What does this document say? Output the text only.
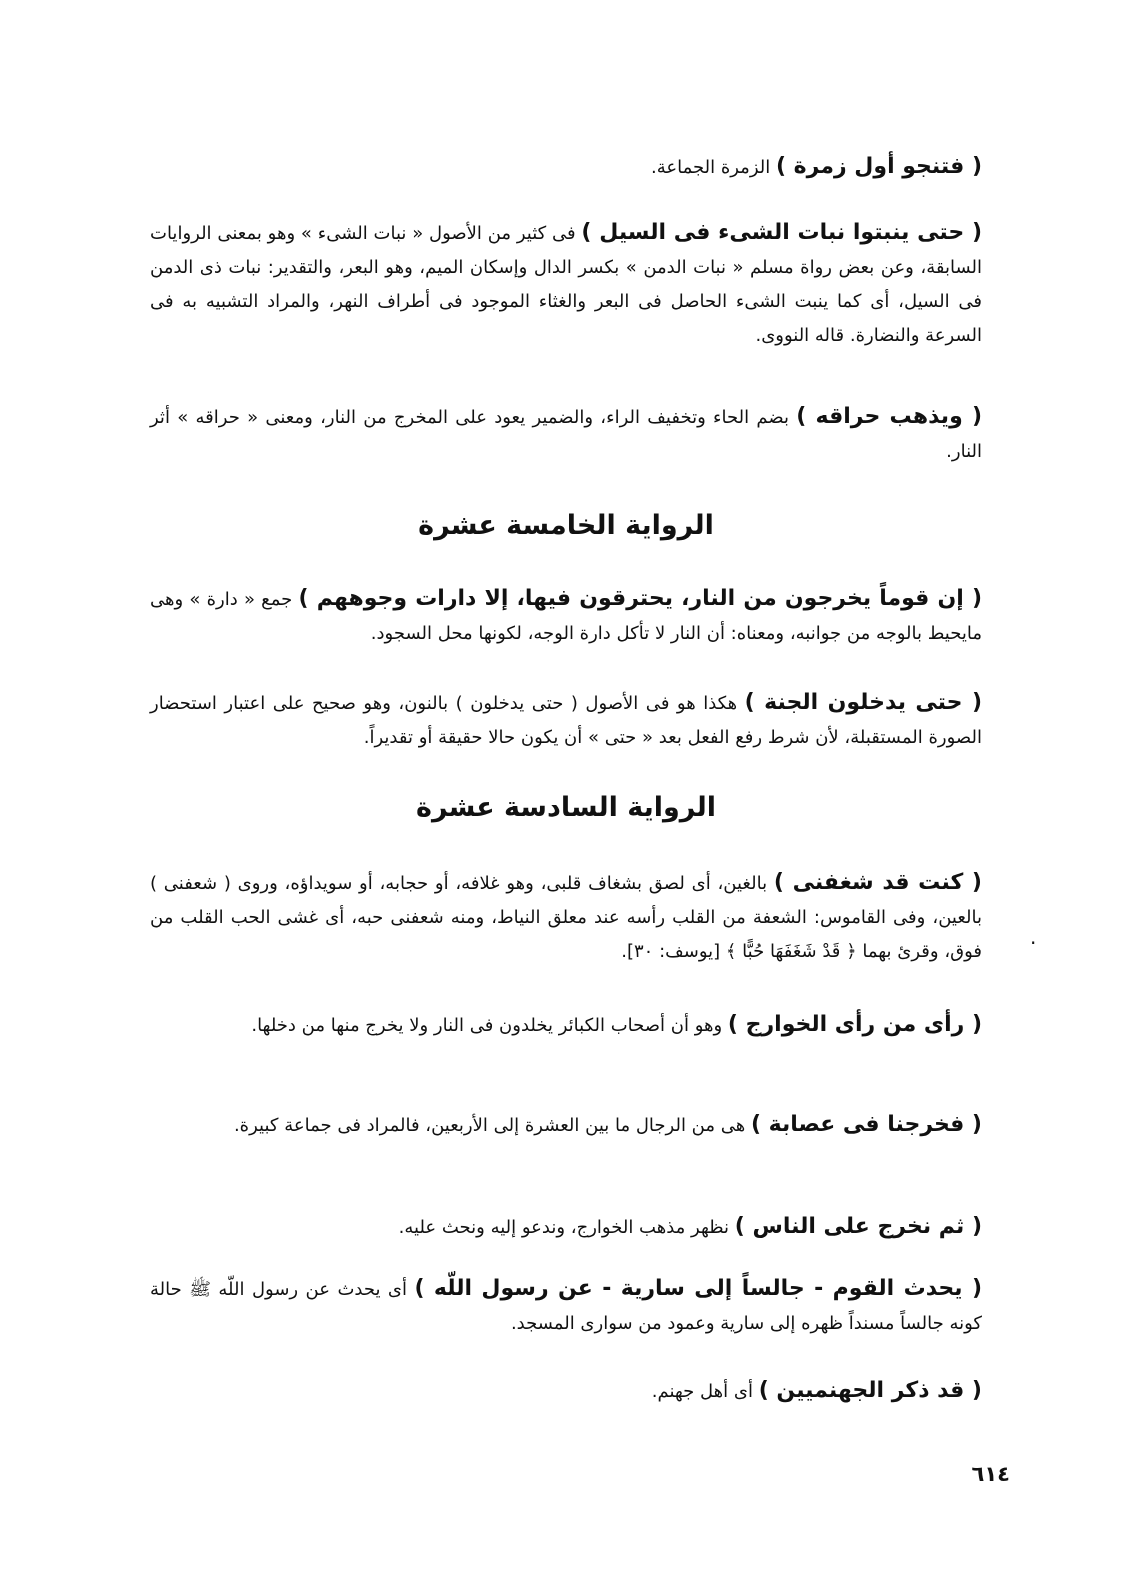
( فتنجو أول زمرة ) الزمرة الجماعة.
( حتى ينبتوا نبات الشىء فى السيل ) فى كثير من الأصول « نبات الشىء » وهو بمعنى الروايات السابقة، وعن بعض رواة مسلم « نبات الدمن » بكسر الدال وإسكان الميم، وهو البعر، والتقدير: نبات ذى الدمن فى السيل، أى كما ينبت الشىء الحاصل فى البعر والغثاء الموجود فى أطراف النهر، والمراد التشبيه به فى السرعة والنضارة. قاله النووى.
( ويذهب حراقه ) بضم الحاء وتخفيف الراء، والضمير يعود على المخرج من النار، ومعنى « حراقه » أثر النار.
الرواية الخامسة عشرة
( إن قوماً يخرجون من النار، يحترقون فيها، إلا دارات وجوههم ) جمع « دارة » وهى مايحيط بالوجه من جوانبه، ومعناه: أن النار لا تأكل دارة الوجه، لكونها محل السجود.
( حتى يدخلون الجنة ) هكذا هو فى الأصول ( حتى يدخلون ) بالنون، وهو صحيح على اعتبار استحضار الصورة المستقبلة، لأن شرط رفع الفعل بعد « حتى » أن يكون حالا حقيقة أو تقديراً.
الرواية السادسة عشرة
( كنت قد شغفنى ) بالغين، أى لصق بشغاف قلبى، وهو غلافه، أو حجابه، أو سويداؤه، وروى ( شعفنى ) بالعين، وفى القاموس: الشعفة من القلب رأسه عند معلق النياط، ومنه شعفنى حبه، أى غشى الحب القلب من فوق، وقرئ بهما ﴿ قَدْ شَغَفَهَا حُبًّا ﴾ [يوسف: ٣٠].
.
( رأى من رأى الخوارج ) وهو أن أصحاب الكبائر يخلدون فى النار ولا يخرج منها من دخلها.
( فخرجنا فى عصابة ) هى من الرجال ما بين العشرة إلى الأربعين، فالمراد فى جماعة كبيرة.
( ثم نخرج على الناس ) نظهر مذهب الخوارج، وندعو إليه ونحث عليه.
( يحدث القوم - جالساً إلى سارية - عن رسول اللّه ) أى يحدث عن رسول اللّه ﷺ حالة كونه جالساً مسنداً ظهره إلى سارية وعمود من سوارى المسجد.
( قد ذكر الجهنميين ) أى أهل جهنم.
٦١٤
